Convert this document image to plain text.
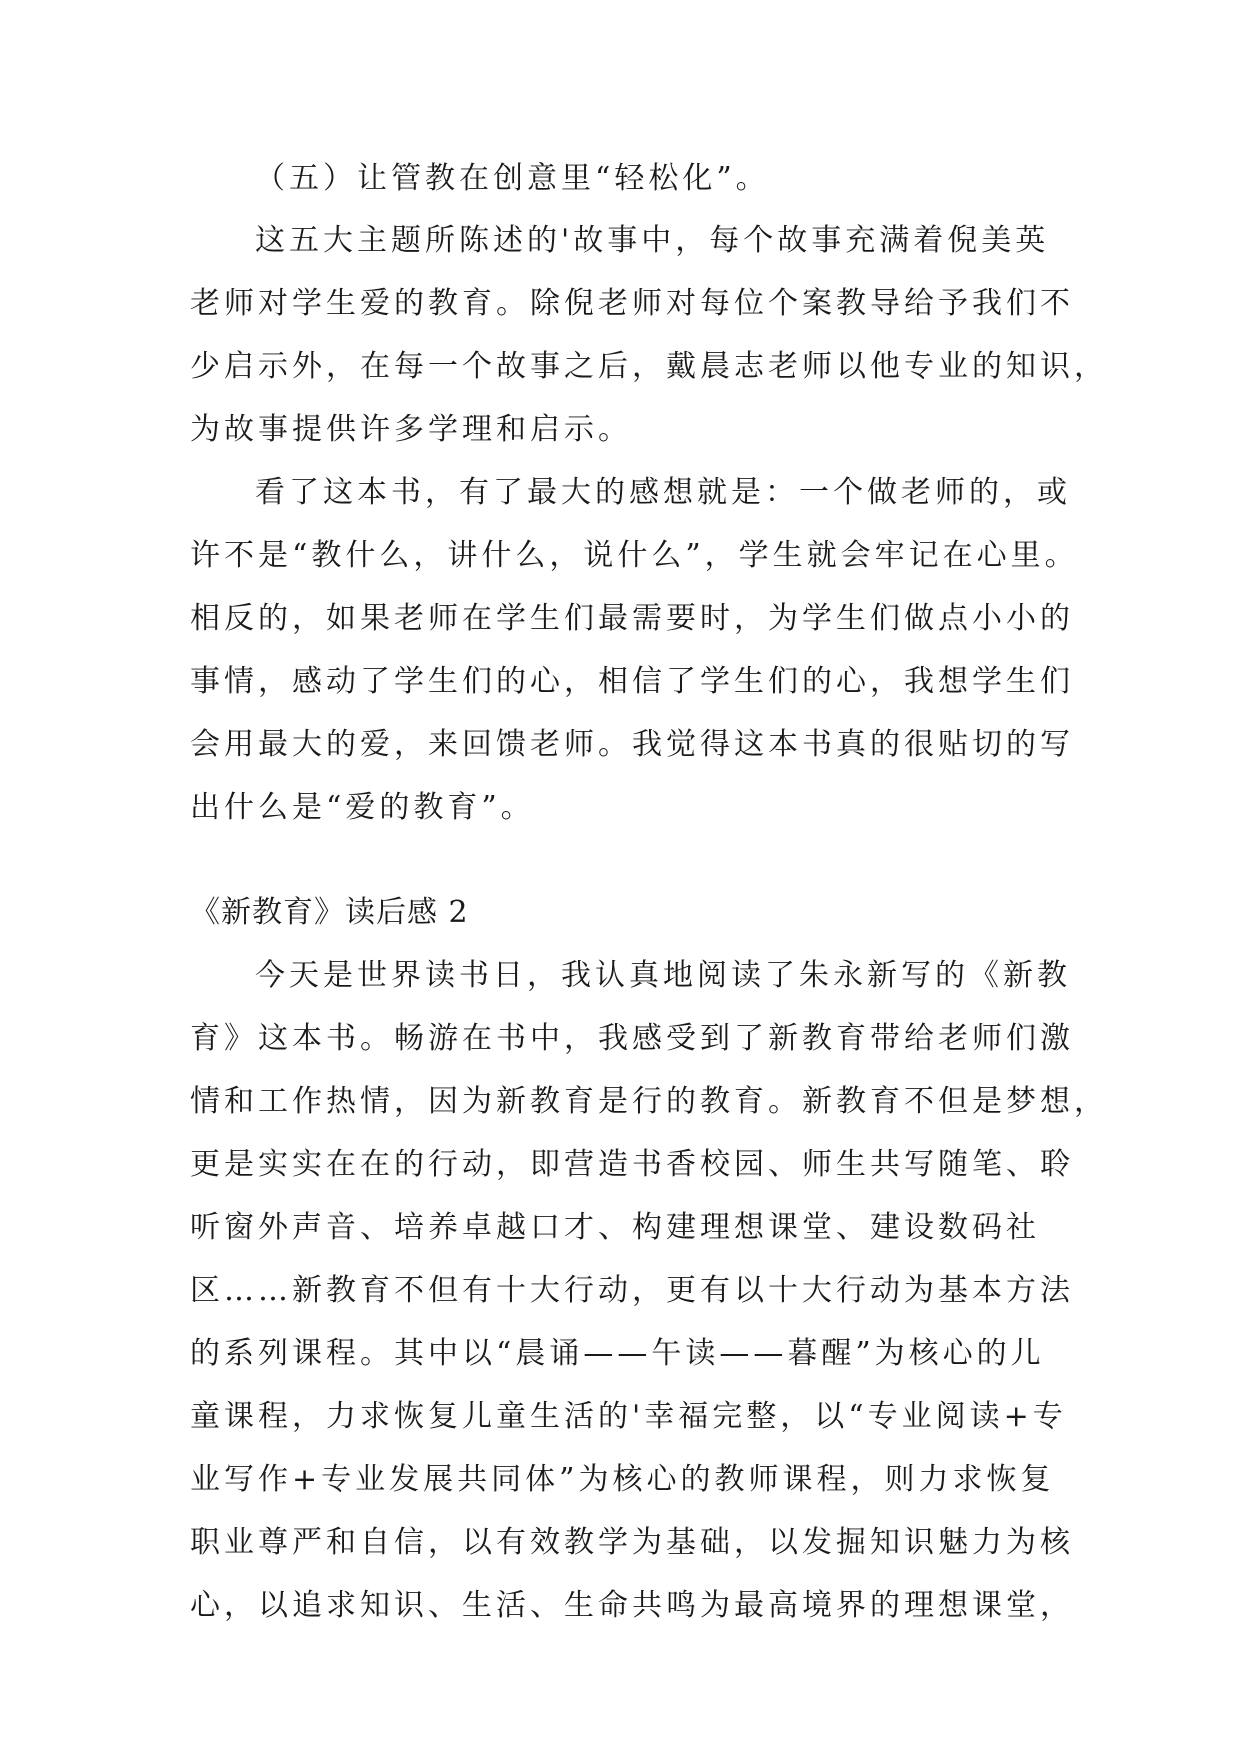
（五）让管教在创意里“轻松化”。
这五大主题所陈述的'故事中，每个故事充满着倪美英
老师对学生爱的教育。除倪老师对每位个案教导给予我们不
少启示外，在每一个故事之后，戴晨志老师以他专业的知识，
为故事提供许多学理和启示。
看了这本书，有了最大的感想就是：一个做老师的，或
许不是“教什么，讲什么，说什么”，学生就会牢记在心里。
相反的，如果老师在学生们最需要时，为学生们做点小小的
事情，感动了学生们的心，相信了学生们的心，我想学生们
会用最大的爱，来回馈老师。我觉得这本书真的很贴切的写
出什么是“爱的教育”。
《新教育》读后感 2
今天是世界读书日，我认真地阅读了朱永新写的《新教
育》这本书。畅游在书中，我感受到了新教育带给老师们激
情和工作热情，因为新教育是行的教育。新教育不但是梦想，
更是实实在在的行动，即营造书香校园、师生共写随笔、聆
听窗外声音、培养卓越口才、构建理想课堂、建设数码社
区……新教育不但有十大行动，更有以十大行动为基本方法
的系列课程。其中以“晨诵——午读——暮醒”为核心的儿
童课程，力求恢复儿童生活的'幸福完整，以“专业阅读+专
业写作+专业发展共同体”为核心的教师课程，则力求恢复
职业尊严和自信，以有效教学为基础，以发掘知识魅力为核
心，以追求知识、生活、生命共鸣为最高境界的理想课堂，
